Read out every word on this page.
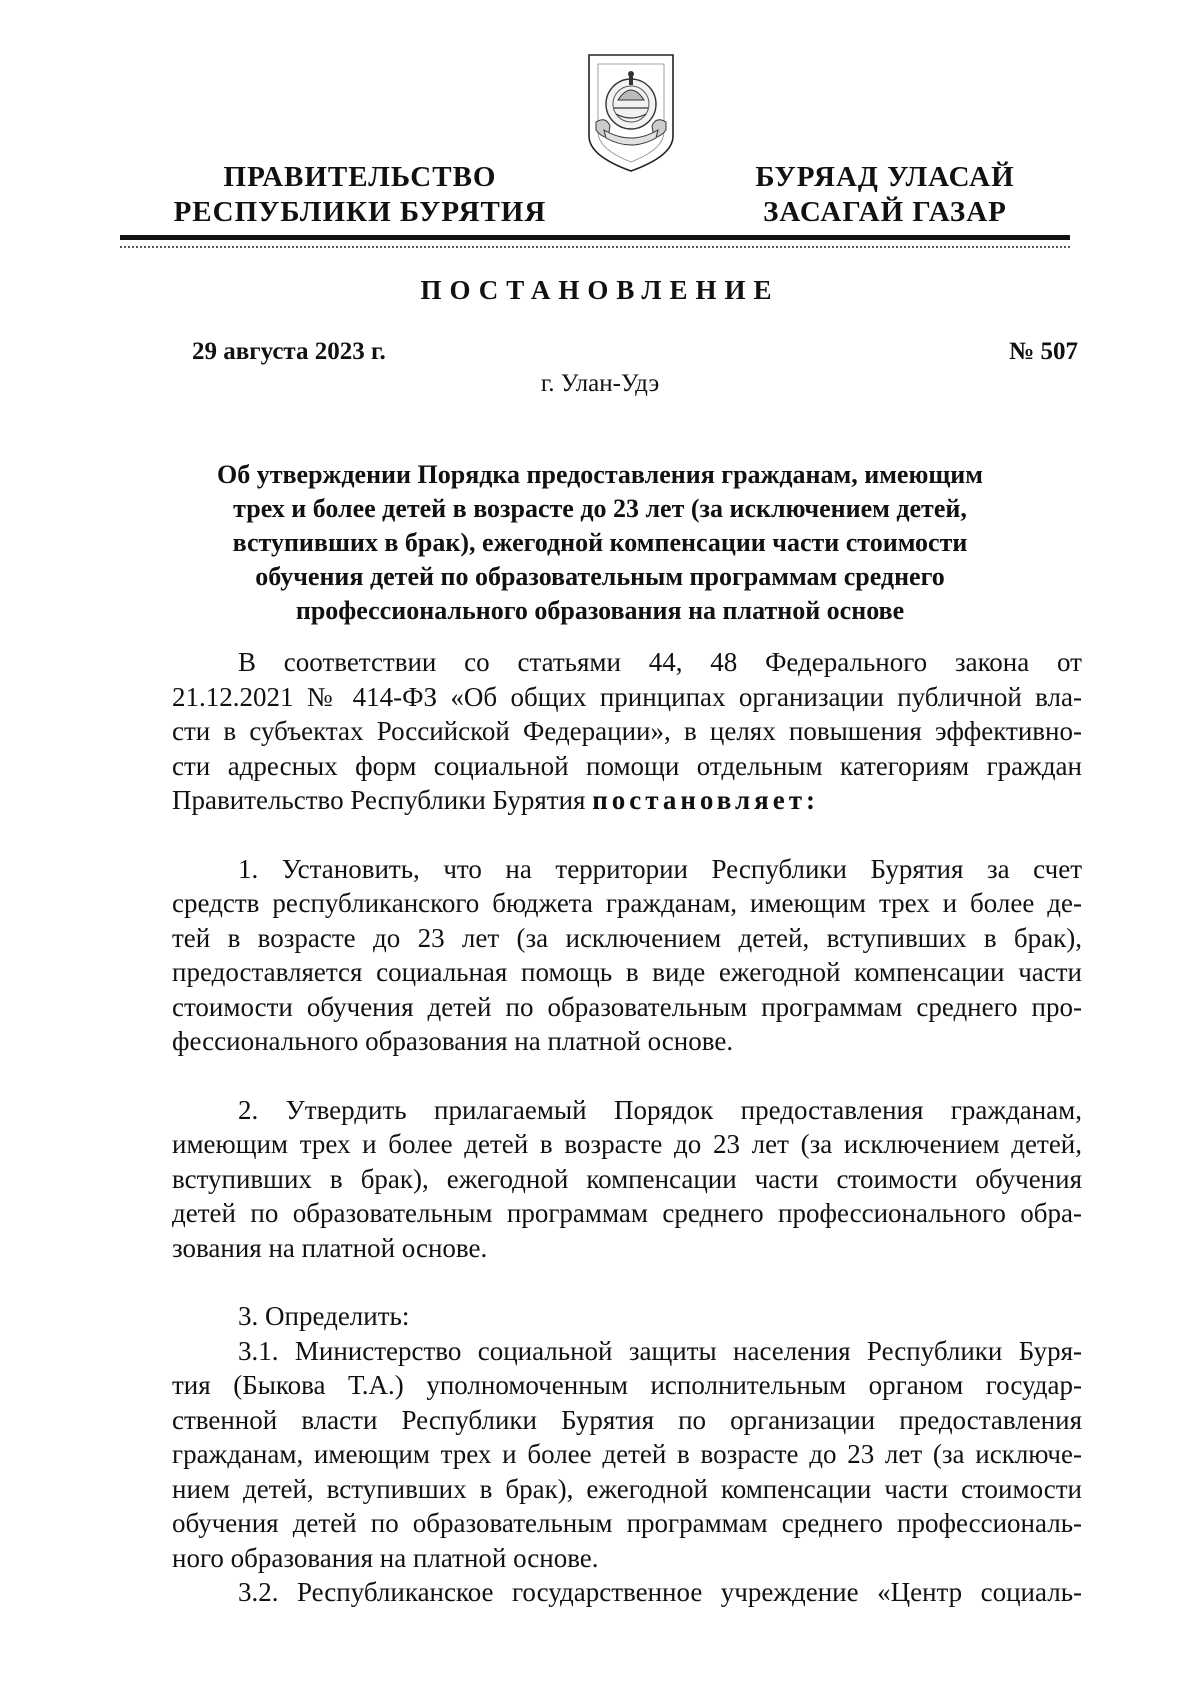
ПРАВИТЕЛЬСТВО
РЕСПУБЛИКИ БУРЯТИЯ
БУРЯАД УЛАСАЙ
ЗАСАГАЙ ГАЗАР
ПОСТАНОВЛЕНИЕ
29 августа 2023 г.	№ 507
г. Улан-Удэ
Об утверждении Порядка предоставления гражданам, имеющим
трех и более детей в возрасте до 23 лет (за исключением детей,
вступивших в брак), ежегодной компенсации части стоимости
обучения детей по образовательным программам среднего
профессионального образования на платной основе
В соответствии со статьями 44, 48 Федерального закона от
21.12.2021 № 414-ФЗ «Об общих принципах организации публичной вла-
сти в субъектах Российской Федерации», в целях повышения эффективно-
сти адресных форм социальной помощи отдельным категориям граждан
Правительство Республики Бурятия постановляет:
1. Установить, что на территории Республики Бурятия за счет
средств республиканского бюджета гражданам, имеющим трех и более де-
тей в возрасте до 23 лет (за исключением детей, вступивших в брак),
предоставляется социальная помощь в виде ежегодной компенсации части
стоимости обучения детей по образовательным программам среднего про-
фессионального образования на платной основе.
2. Утвердить прилагаемый Порядок предоставления гражданам,
имеющим трех и более детей в возрасте до 23 лет (за исключением детей,
вступивших в брак), ежегодной компенсации части стоимости обучения
детей по образовательным программам среднего профессионального обра-
зования на платной основе.
3. Определить:
3.1. Министерство социальной защиты населения Республики Буря-
тия (Быкова Т.А.) уполномоченным исполнительным органом государ-
ственной власти Республики Бурятия по организации предоставления
гражданам, имеющим трех и более детей в возрасте до 23 лет (за исключе-
нием детей, вступивших в брак), ежегодной компенсации части стоимости
обучения детей по образовательным программам среднего профессиональ-
ного образования на платной основе.
3.2. Республиканское государственное учреждение «Центр социаль-
